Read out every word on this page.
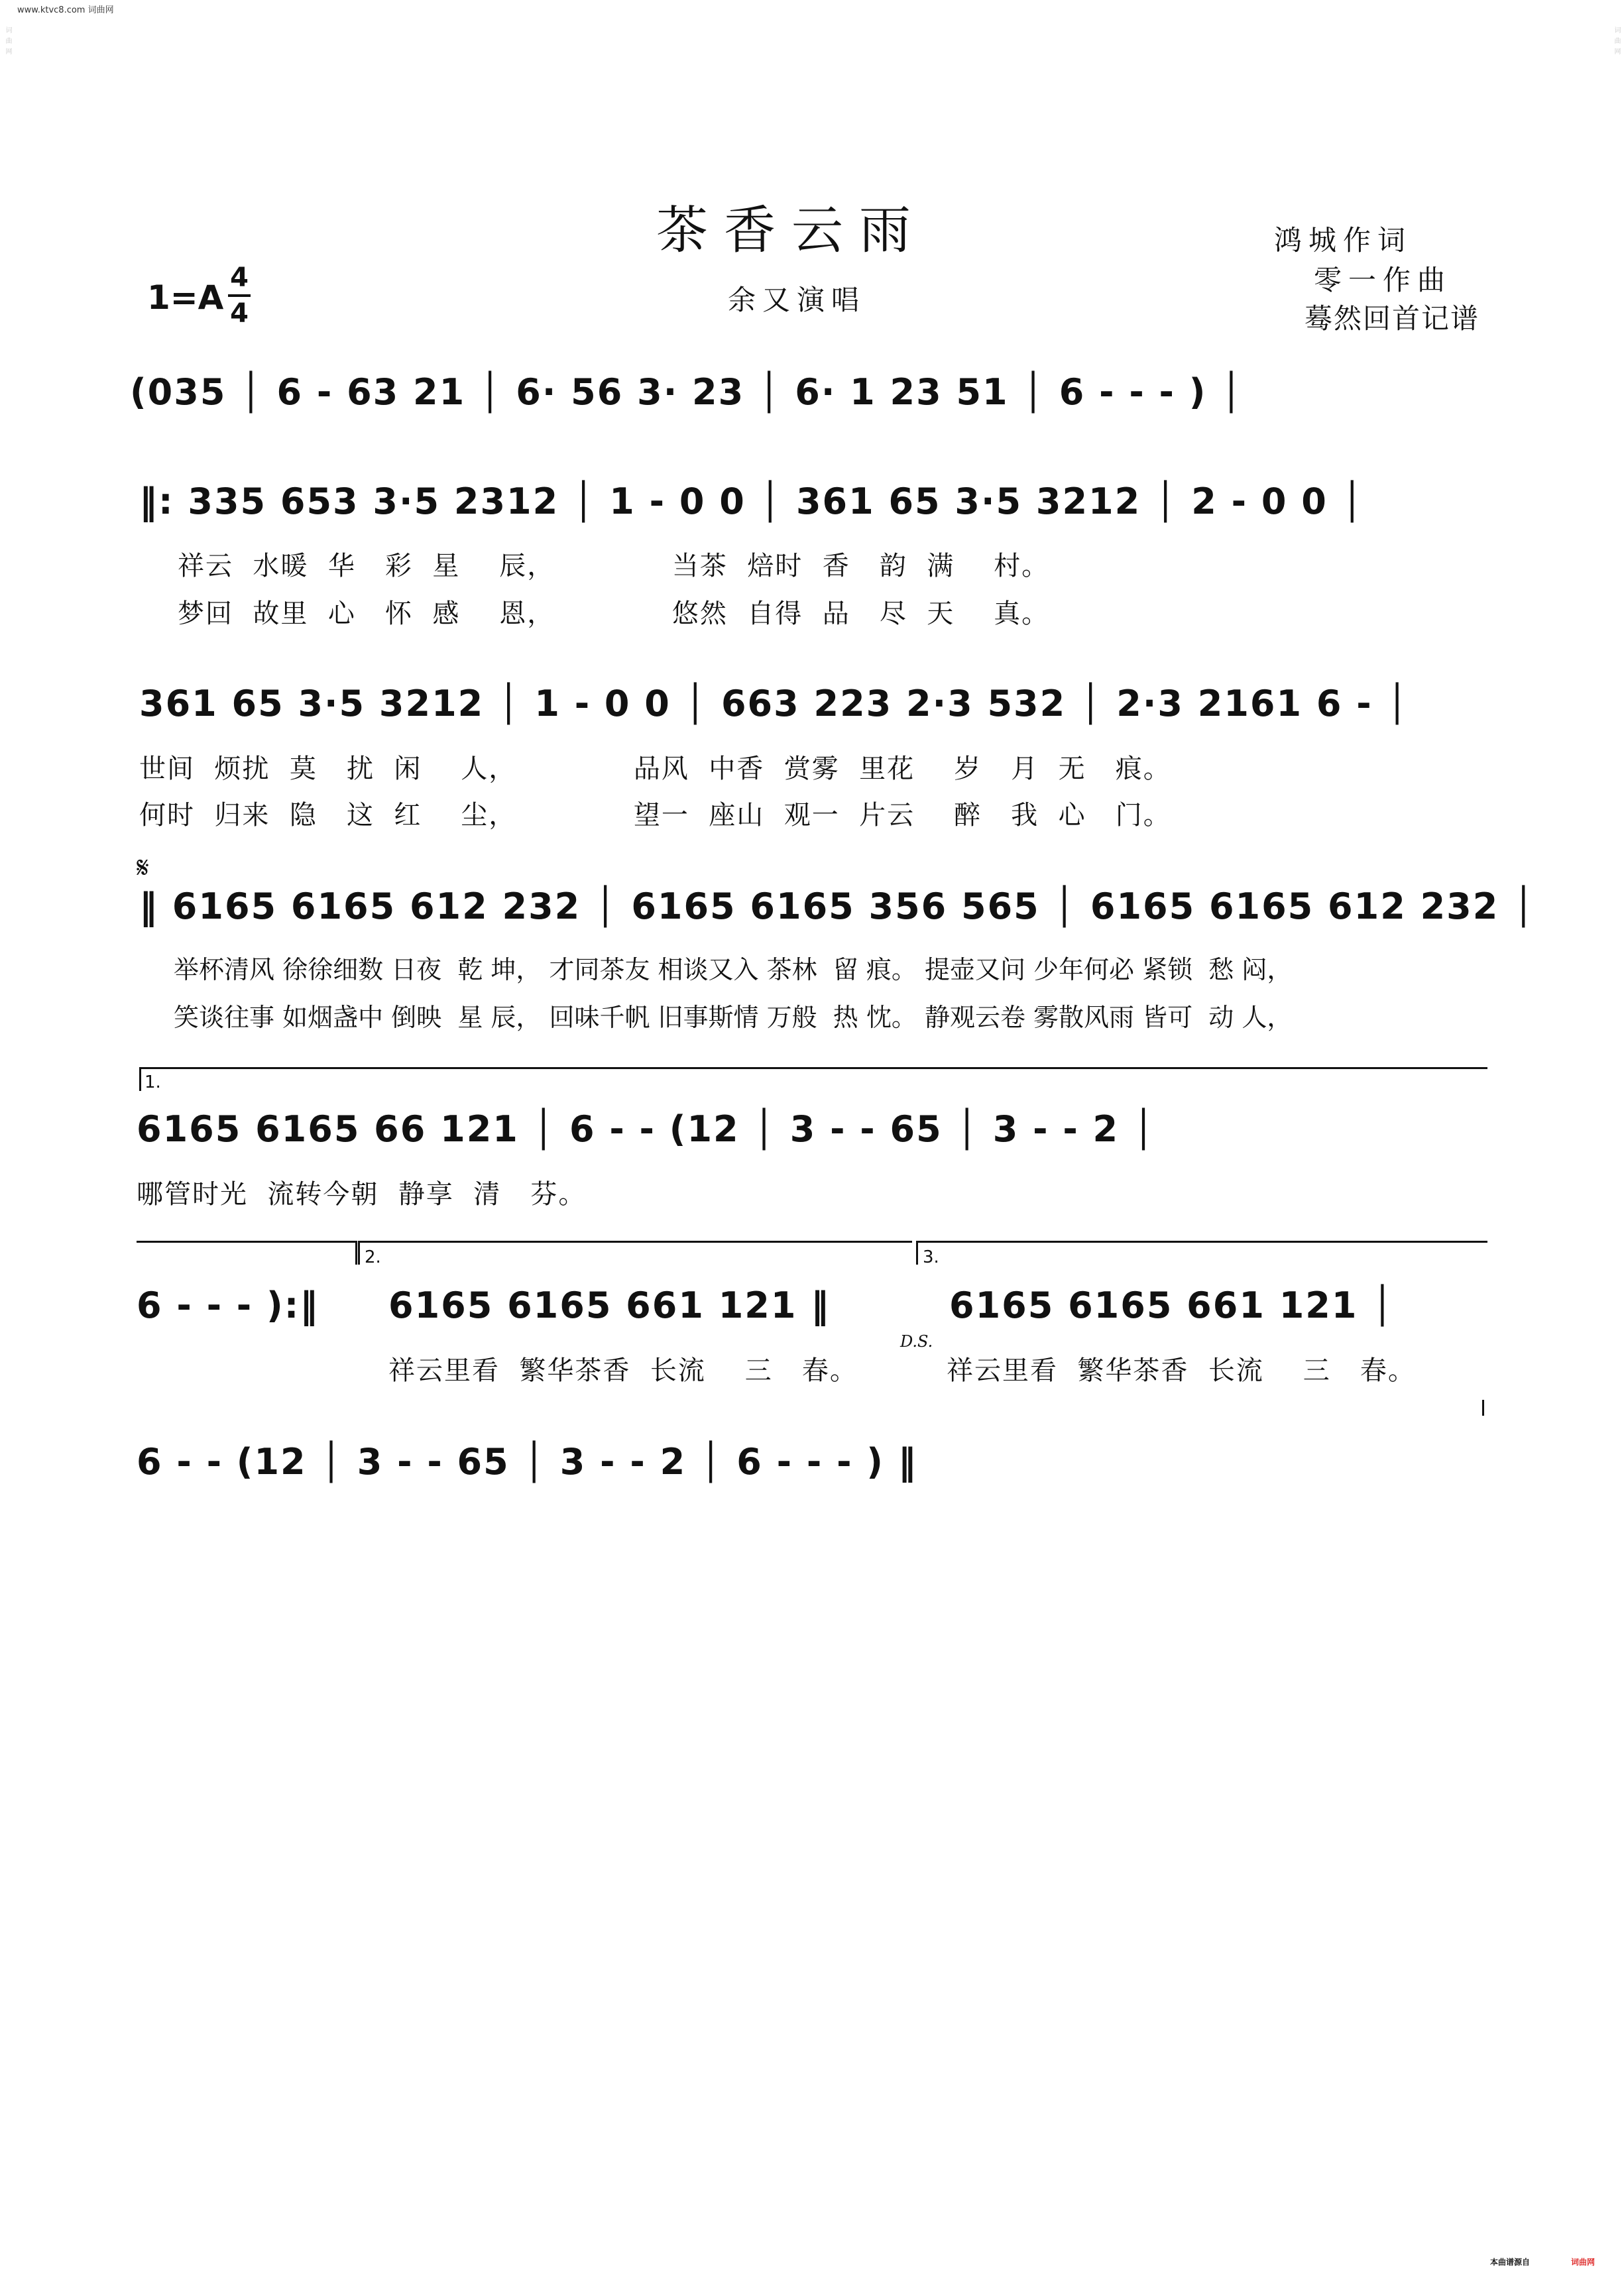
词曲网	词曲网
www.ktvc8.com 词曲网
茶香云雨
余又演唱
鸿城作词
零一作曲
蓦然回首记谱
1=A
4
4
(035 │ 6 - 63 21 │ 6· 56 3· 23 │ 6· 1 23 51 │ 6 - - - ) │
‖: 335 653 3·5 2312 │ 1 - 0 0 │ 361 65 3·5 3212 │ 2 - 0 0 │
祥云  水暖  华   彩  星    辰，            当茶  焙时  香   韵  满    村。
梦回  故里  心   怀  感    恩，            悠然  自得  品   尽  天    真。
361 65 3·5 3212 │ 1 - 0 0 │ 663 223 2·3 532 │ 2·3 2161 6 - │
世间  烦扰  莫   扰  闲    人，            品风  中香  赏雾  里花    岁   月  无   痕。
何时  归来  隐   这  红    尘，            望一  座山  观一  片云    醉   我  心   门。
𝄋
‖ 6165 6165 612 232 │ 6165 6165 356 565 │ 6165 6165 612 232 │
举杯清风 徐徐细数 日夜  乾 坤， 才同茶友 相谈又入 茶林  留 痕。 提壶又问 少年何必 紧锁  愁 闷，
笑谈往事 如烟盏中 倒映  星 辰， 回味千帆 旧事斯情 万般  热 忱。 静观云卷 雾散风雨 皆可  动 人，
1.
6165 6165 66 121 │ 6 - - (12 │ 3 - - 65 │ 3 - - 2 │
哪管时光  流转今朝  静享  清   芬。
2.	3.
6 - - - ):‖ 6165 6165 661 121 ‖	6165 6165 661 121 │
D.S.
祥云里看  繁华茶香  长流    三   春。	祥云里看  繁华茶香  长流    三   春。
6 - - (12 │ 3 - - 65 │ 3 - - 2 │ 6 - - - ) ‖
本曲谱源自	词曲网
